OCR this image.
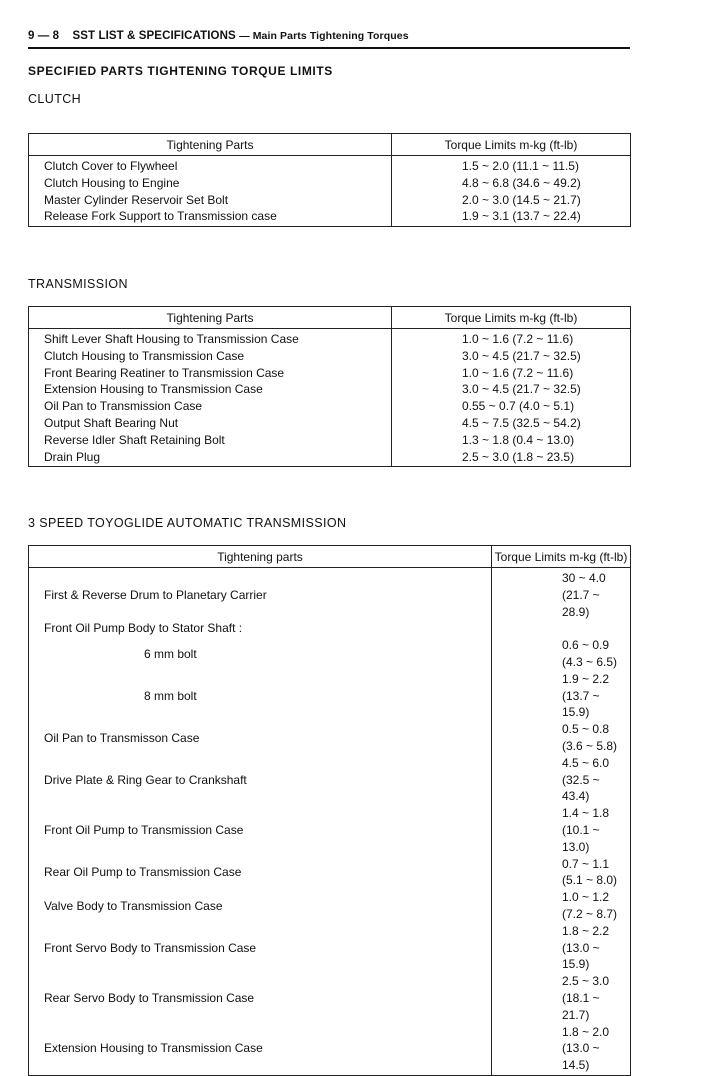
9 — 8 SST LIST & SPECIFICATIONS — Main Parts Tightening Torques
SPECIFIED PARTS TIGHTENING TORQUE LIMITS
CLUTCH
Tightening Parts	Torque Limits m-kg (ft-lb)
Clutch Cover to Flywheel	1.5 ~ 2.0 (11.1 ~ 11.5)
Clutch Housing to Engine	4.8 ~ 6.8 (34.6 ~ 49.2)
Master Cylinder Reservoir Set Bolt	2.0 ~ 3.0 (14.5 ~ 21.7)
Release Fork Support to Transmission case	1.9 ~ 3.1 (13.7 ~ 22.4)
TRANSMISSION
Tightening Parts	Torque Limits m-kg (ft-lb)
Shift Lever Shaft Housing to Transmission Case	1.0 ~ 1.6 (7.2 ~ 11.6)
Clutch Housing to Transmission Case	3.0 ~ 4.5 (21.7 ~ 32.5)
Front Bearing Reatiner to Transmission Case	1.0 ~ 1.6 (7.2 ~ 11.6)
Extension Housing to Transmission Case	3.0 ~ 4.5 (21.7 ~ 32.5)
Oil Pan to Transmission Case	0.55 ~ 0.7 (4.0 ~ 5.1)
Output Shaft Bearing Nut	4.5 ~ 7.5 (32.5 ~ 54.2)
Reverse Idler Shaft Retaining Bolt	1.3 ~ 1.8 (0.4 ~ 13.0)
Drain Plug	2.5 ~ 3.0 (1.8 ~ 23.5)
3 SPEED TOYOGLIDE AUTOMATIC TRANSMISSION
Tightening parts	Torque Limits m-kg (ft-lb)
First & Reverse Drum to Planetary Carrier	30 ~ 4.0 (21.7 ~ 28.9)
Front Oil Pump Body to Stator Shaft :	
6 mm bolt	0.6 ~ 0.9 (4.3 ~ 6.5)
8 mm bolt	1.9 ~ 2.2 (13.7 ~ 15.9)
Oil Pan to Transmisson Case	0.5 ~ 0.8 (3.6 ~ 5.8)
Drive Plate & Ring Gear to Crankshaft	4.5 ~ 6.0 (32.5 ~ 43.4)
Front Oil Pump to Transmission Case	1.4 ~ 1.8 (10.1 ~ 13.0)
Rear Oil Pump to Transmission Case	0.7 ~ 1.1 (5.1 ~ 8.0)
Valve Body to Transmission Case	1.0 ~ 1.2 (7.2 ~ 8.7)
Front Servo Body to Transmission Case	1.8 ~ 2.2 (13.0 ~ 15.9)
Rear Servo Body to Transmission Case	2.5 ~ 3.0 (18.1 ~ 21.7)
Extension Housing to Transmission Case	1.8 ~ 2.0 (13.0 ~ 14.5)
